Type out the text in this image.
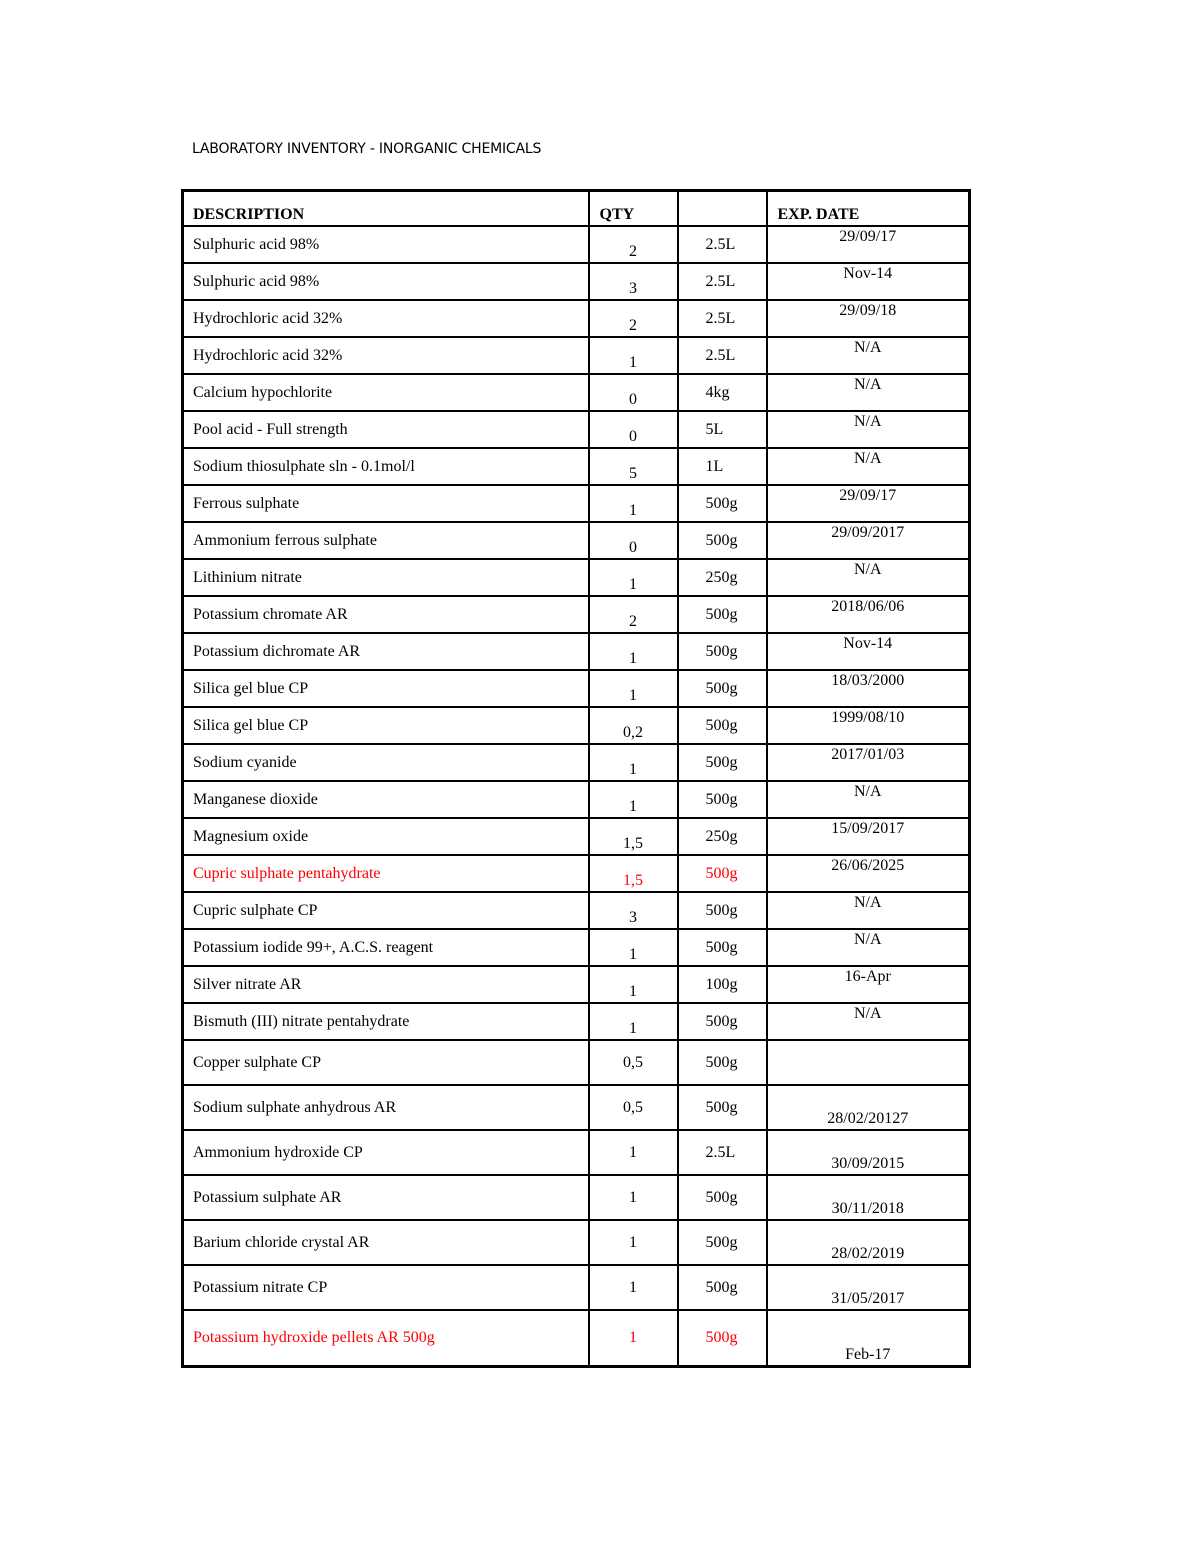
LABORATORY INVENTORY - INORGANIC CHEMICALS
DESCRIPTION	QTY		EXP. DATE
Sulphuric acid 98%	2	2.5L	29/09/17
Sulphuric acid 98%	3	2.5L	Nov-14
Hydrochloric acid 32%	2	2.5L	29/09/18
Hydrochloric acid 32%	1	2.5L	N/A
Calcium hypochlorite	0	4kg	N/A
Pool acid - Full strength	0	5L	N/A
Sodium thiosulphate sln - 0.1mol/l	5	1L	N/A
Ferrous sulphate	1	500g	29/09/17
Ammonium ferrous sulphate	0	500g	29/09/2017
Lithinium nitrate	1	250g	N/A
Potassium chromate AR	2	500g	2018/06/06
Potassium dichromate AR	1	500g	Nov-14
Silica gel blue CP	1	500g	18/03/2000
Silica gel blue CP	0,2	500g	1999/08/10
Sodium cyanide	1	500g	2017/01/03
Manganese dioxide	1	500g	N/A
Magnesium oxide	1,5	250g	15/09/2017
Cupric sulphate pentahydrate	1,5	500g	26/06/2025
Cupric sulphate CP	3	500g	N/A
Potassium iodide 99+, A.C.S. reagent	1	500g	N/A
Silver nitrate AR	1	100g	16-Apr
Bismuth (III) nitrate pentahydrate	1	500g	N/A
Copper sulphate CP	0,5	500g	
Sodium sulphate anhydrous AR	0,5	500g	28/02/20127
Ammonium hydroxide CP	1	2.5L	30/09/2015
Potassium sulphate AR	1	500g	30/11/2018
Barium chloride crystal AR	1	500g	28/02/2019
Potassium nitrate CP	1	500g	31/05/2017
Potassium hydroxide pellets AR 500g	1	500g	Feb-17
